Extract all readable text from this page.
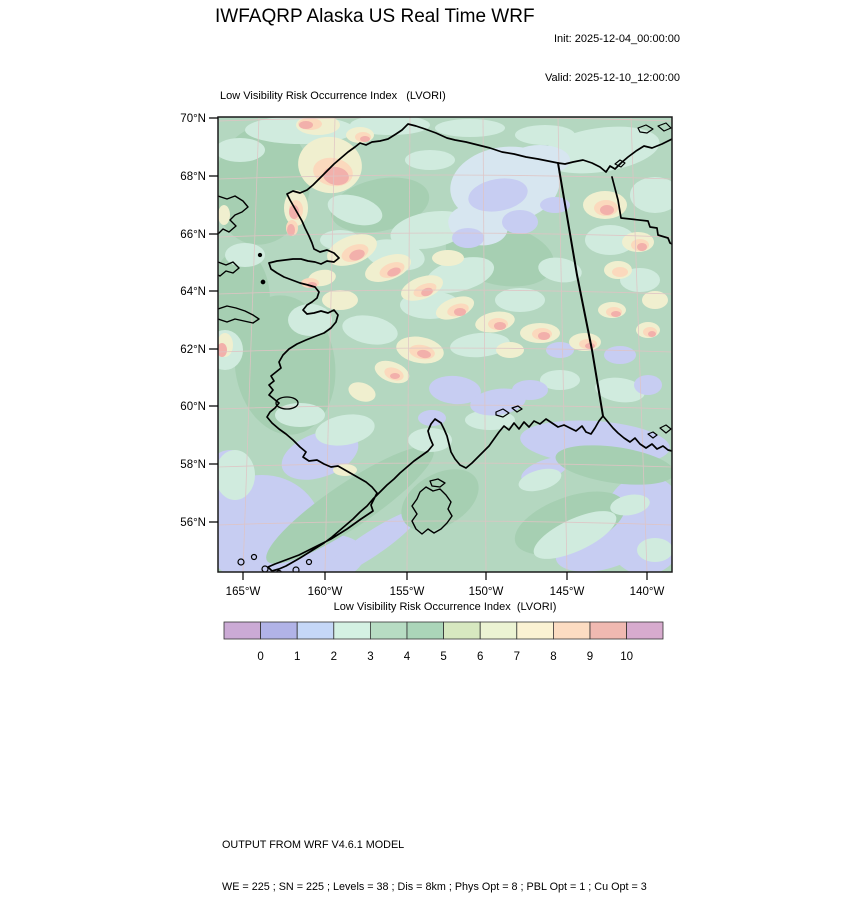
IWFAQRP Alaska US Real Time WRF

Init: 2025-12-04_00:00:00

Valid: 2025-12-10_12:00:00

Low Visibility Risk Occurrence Index   (LVORI)
Low Visibility Risk Occurrence Index  (LVORI)
70°N
68°N
66°N
64°N
62°N
60°N
58°N
56°N
165°W	160°W	155°W	150°W	145°W	140°W
0	1	2	3	4	5	6	7	8	9 10

OUTPUT FROM WRF V4.6.1 MODEL

WE = 225 ; SN = 225 ; Levels = 38 ; Dis = 8km ; Phys Opt = 8 ; PBL Opt = 1 ; Cu Opt = 3
